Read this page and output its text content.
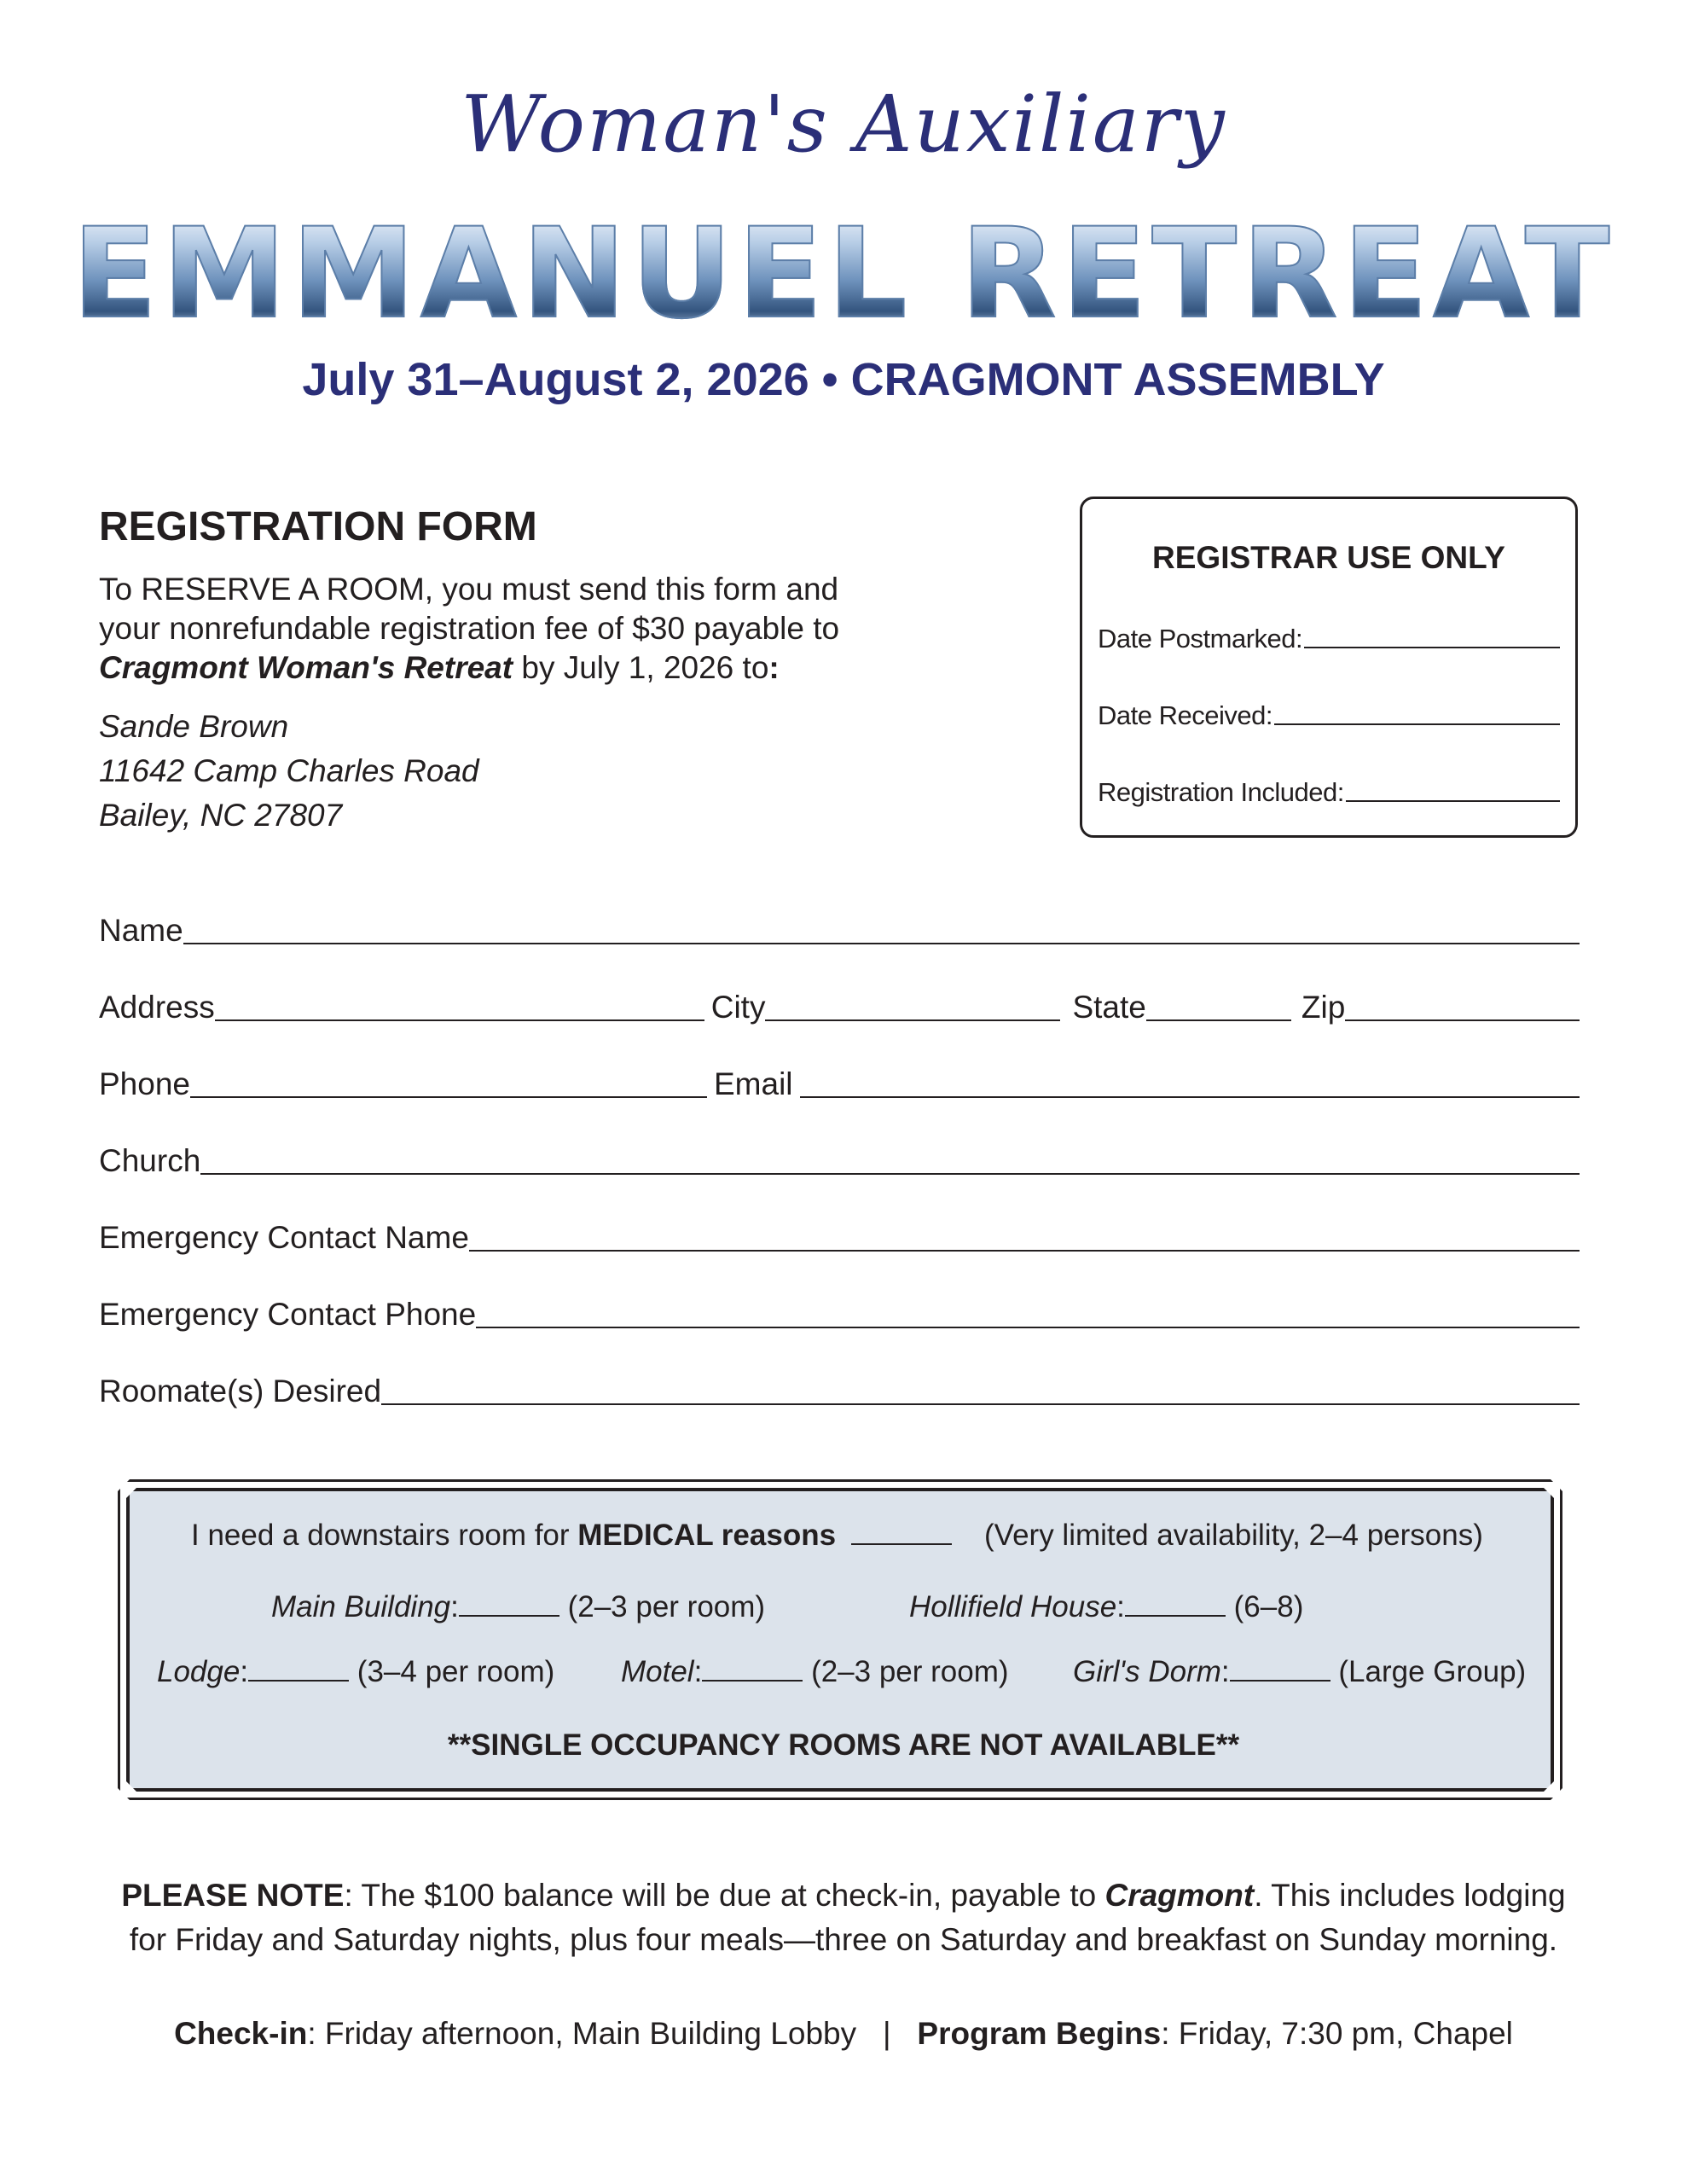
Woman's Auxiliary
EMMANUEL RETREAT
July 31–August 2, 2026 • CRAGMONT ASSEMBLY
REGISTRATION FORM
To RESERVE A ROOM, you must send this form and
your nonrefundable registration fee of $30 payable to
Cragmont Woman's Retreat by July 1, 2026 to:
Sande Brown
11642 Camp Charles Road
Bailey, NC 27807
REGISTRAR USE ONLY
Date Postmarked:
Date Received:
Registration Included:
Name
Address	City	State	Zip
Phone	Email
Church
Emergency Contact Name
Emergency Contact Phone
Roomate(s) Desired
I need a downstairs room for MEDICAL reasons	(Very limited availability, 2–4 persons)
Main Building:	(2–3 per room)	Hollifield House:	(6–8)
Lodge:	(3–4 per room) Motel:	(2–3 per room) Girl's Dorm:	(Large Group)
**SINGLE OCCUPANCY ROOMS ARE NOT AVAILABLE**
PLEASE NOTE: The $100 balance will be due at check-in, payable to Cragmont. This includes lodging
for Friday and Saturday nights, plus four meals—three on Saturday and breakfast on Sunday morning.
Check-in: Friday afternoon, Main Building Lobby | Program Begins: Friday, 7:30 pm, Chapel
